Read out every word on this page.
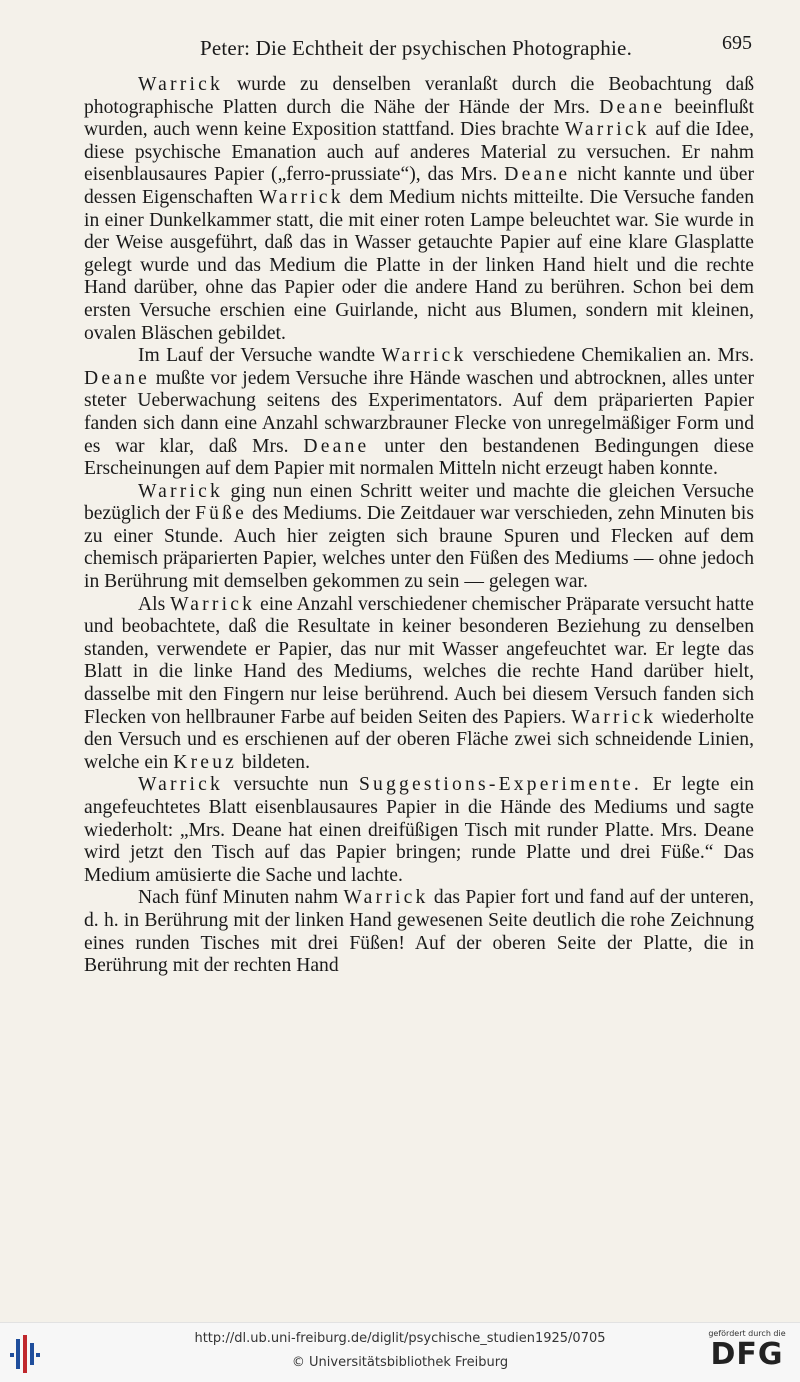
Peter: Die Echtheit der psychischen Photographie.	695

Warrick wurde zu denselben veranlaßt durch die Beobachtung daß photographische Platten durch die Nähe der Hände der Mrs. Deane beeinflußt wurden, auch wenn keine Exposition stattfand. Dies brachte Warrick auf die Idee, diese psychische Emanation auch auf anderes Material zu versuchen. Er nahm eisenblausaures Papier („ferro-prussiate“), das Mrs. Deane nicht kannte und über dessen Eigenschaften Warrick dem Medium nichts mitteilte. Die Versuche fanden in einer Dunkelkammer statt, die mit einer roten Lampe beleuchtet war. Sie wurde in der Weise ausgeführt, daß das in Wasser getauchte Papier auf eine klare Glasplatte gelegt wurde und das Medium die Platte in der linken Hand hielt und die rechte Hand darüber, ohne das Papier oder die andere Hand zu berühren. Schon bei dem ersten Versuche erschien eine Guirlande, nicht aus Blumen, sondern mit kleinen, ovalen Bläschen gebildet.

Im Lauf der Versuche wandte Warrick verschiedene Chemikalien an. Mrs. Deane mußte vor jedem Versuche ihre Hände waschen und abtrocknen, alles unter steter Ueberwachung seitens des Experimentators. Auf dem präparierten Papier fanden sich dann eine Anzahl schwarzbrauner Flecke von unregelmäßiger Form und es war klar, daß Mrs. Deane unter den bestandenen Bedingungen diese Erscheinungen auf dem Papier mit normalen Mitteln nicht erzeugt haben konnte.

Warrick ging nun einen Schritt weiter und machte die gleichen Versuche bezüglich der Füße des Mediums. Die Zeitdauer war verschieden, zehn Minuten bis zu einer Stunde. Auch hier zeigten sich braune Spuren und Flecken auf dem chemisch präparierten Papier, welches unter den Füßen des Mediums — ohne jedoch in Berührung mit demselben gekommen zu sein — gelegen war.

Als Warrick eine Anzahl verschiedener chemischer Präparate versucht hatte und beobachtete, daß die Resultate in keiner besonderen Beziehung zu denselben standen, verwendete er Papier, das nur mit Wasser angefeuchtet war. Er legte das Blatt in die linke Hand des Mediums, welches die rechte Hand darüber hielt, dasselbe mit den Fingern nur leise berührend. Auch bei diesem Versuch fanden sich Flecken von hellbrauner Farbe auf beiden Seiten des Papiers. Warrick wiederholte den Versuch und es erschienen auf der oberen Fläche zwei sich schneidende Linien, welche ein Kreuz bildeten.

Warrick versuchte nun Suggestions-Experimente. Er legte ein angefeuchtetes Blatt eisenblausaures Papier in die Hände des Mediums und sagte wiederholt: „Mrs. Deane hat einen dreifüßigen Tisch mit runder Platte. Mrs. Deane wird jetzt den Tisch auf das Papier bringen; runde Platte und drei Füße.“ Das Medium amüsierte die Sache und lachte.

Nach fünf Minuten nahm Warrick das Papier fort und fand auf der unteren, d. h. in Berührung mit der linken Hand gewesenen Seite deutlich die rohe Zeichnung eines runden Tisches mit drei Füßen! Auf der oberen Seite der Platte, die in Berührung mit der rechten Hand

http://dl.ub.uni-freiburg.de/diglit/psychische_studien1925/0705
© Universitätsbibliothek Freiburg
gefördert durch die
DFG
